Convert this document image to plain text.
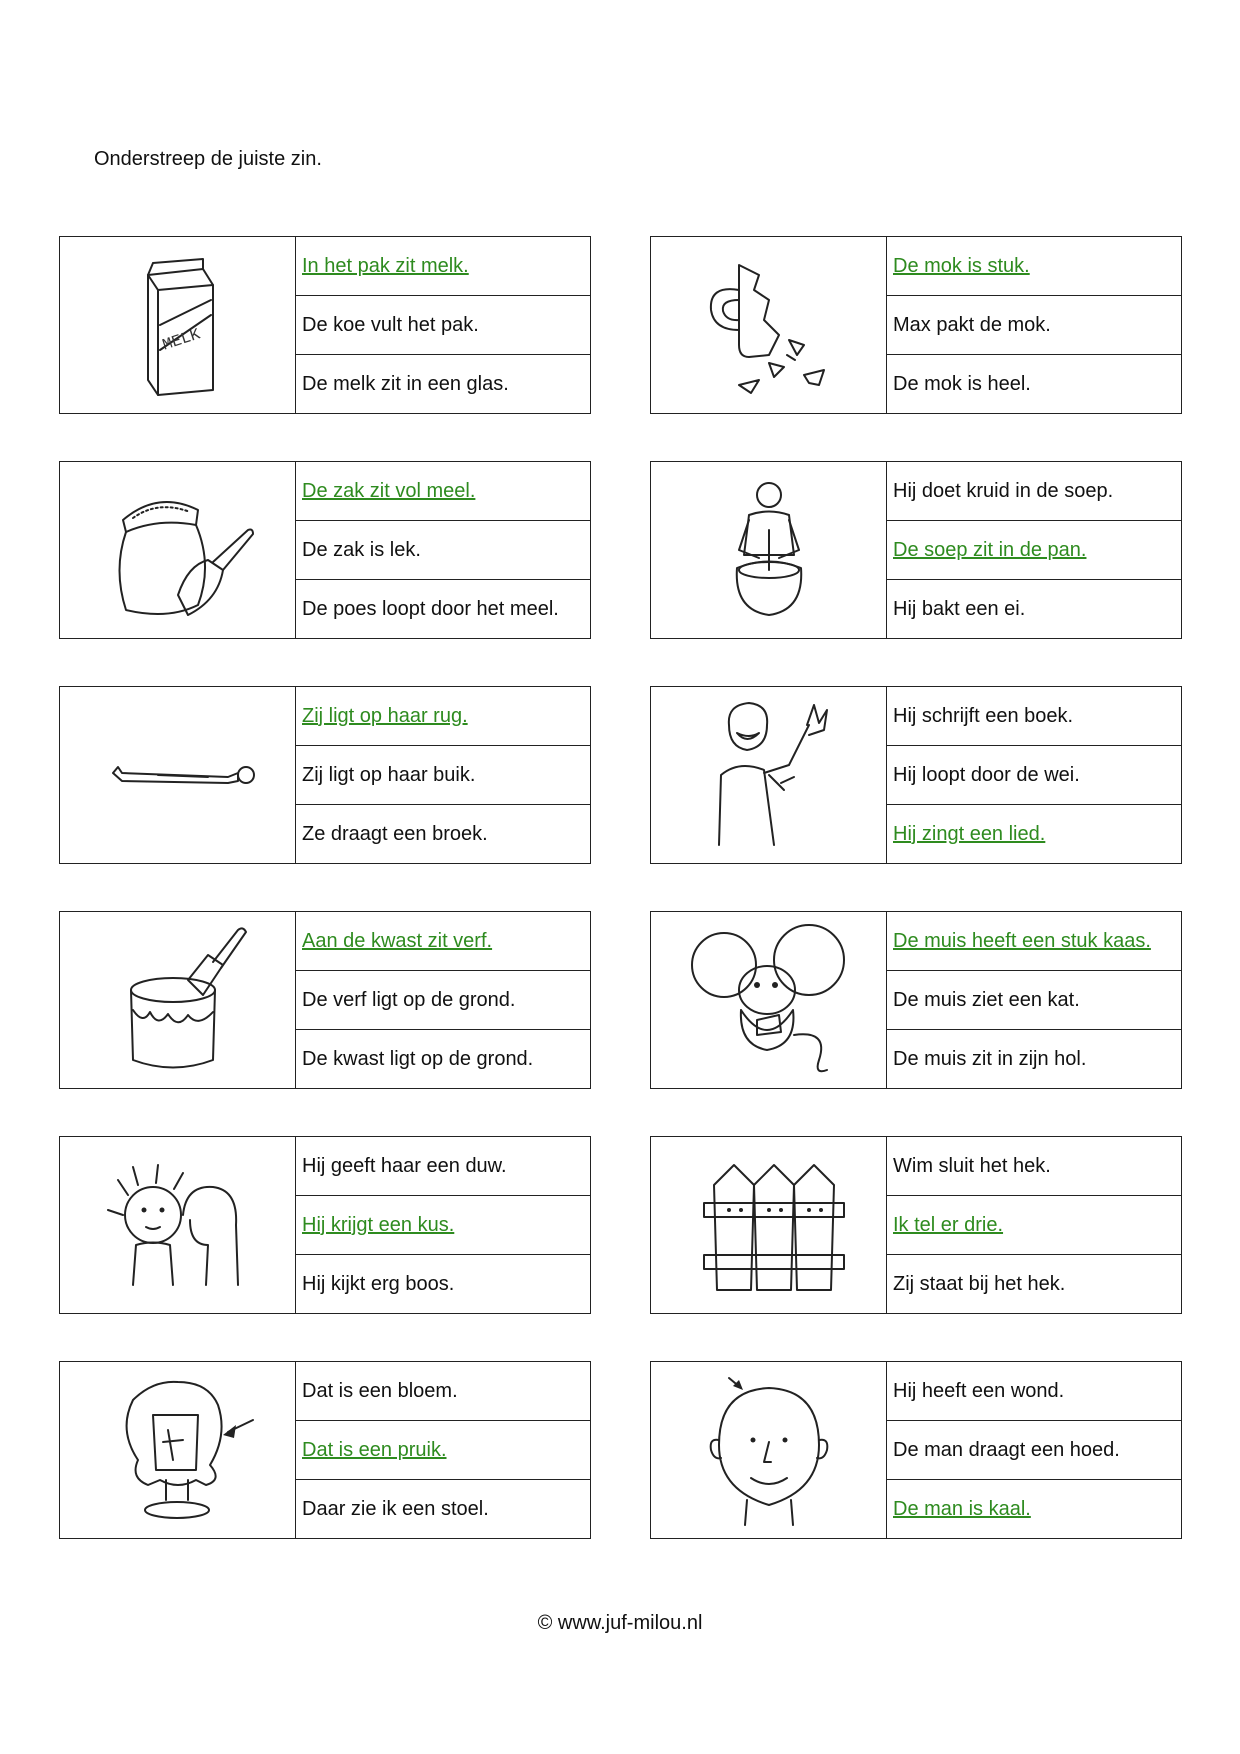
Onderstreep de juiste zin.
MELK
In het pak zit melk.
De koe vult het pak.
De melk zit in een glas.
De mok is stuk.
Max pakt de mok.
De mok is heel.
De zak zit vol meel.
De zak is lek.
De poes loopt door het meel.
Hij doet kruid in de soep.
De soep zit in de pan.
Hij bakt een ei.
Zij ligt op haar rug.
Zij ligt op haar buik.
Ze draagt een broek.
Hij schrijft een boek.
Hij loopt door de wei.
Hij zingt een lied.
Aan de kwast zit verf.
De verf ligt op de grond.
De kwast ligt op de grond.
De muis heeft een stuk kaas.
De muis ziet een kat.
De muis zit in zijn hol.
Hij geeft haar een duw.
Hij krijgt een kus.
Hij kijkt erg boos.
Wim sluit het hek.
Ik tel er drie.
Zij staat bij het hek.
Dat is een bloem.
Dat is een pruik.
Daar zie ik een stoel.
Hij heeft een wond.
De man draagt een hoed.
De man is kaal.
© www.juf-milou.nl
